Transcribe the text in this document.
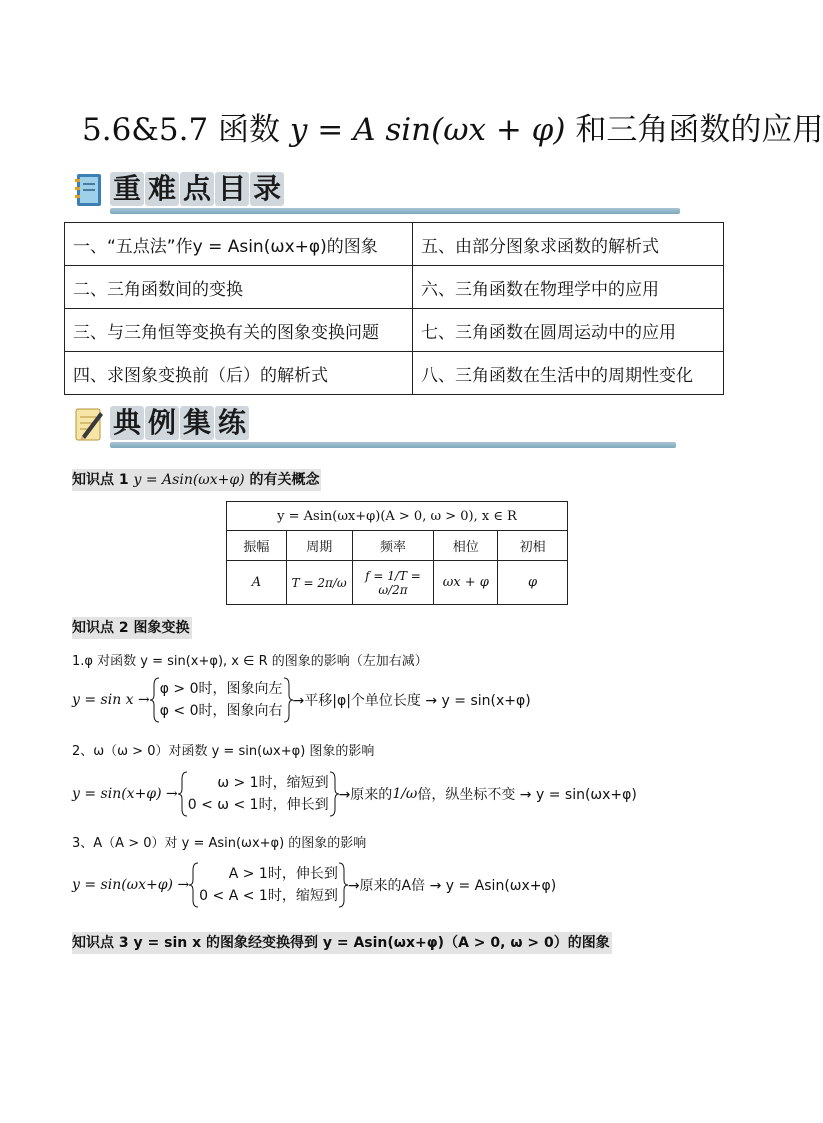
5.6&5.7 函数 y = A sin(ωx + φ) 和三角函数的应用
重 难 点 目 录
一、“五点法”作y = Asin(ωx+φ)的图象	五、由部分图象求函数的解析式
二、三角函数间的变换	六、三角函数在物理学中的应用
三、与三角恒等变换有关的图象变换问题	七、三角函数在圆周运动中的应用
四、求图象变换前（后）的解析式	八、三角函数在生活中的周期性变化
典 例 集 练
知识点 1 y = Asin(ωx+φ) 的有关概念
y = Asin(ωx+φ)(A > 0, ω > 0), x ∈ R				
振幅	周期	频率	相位	初相
A	T = 2π/ω	f = 1/T = ω/2π	ωx + φ	φ
知识点 2 图象变换
1.φ 对函数 y = sin(x+φ), x ∈ R 的图象的影响（左加右减）
y = sin x →
φ > 0时，图象向左
φ < 0时，图象向右
→平移|φ|个单位长度 → y = sin(x+φ)
2、ω（ω > 0）对函数 y = sin(ωx+φ) 图象的影响
y = sin(x+φ) →
ω > 1时，缩短到
0 < ω < 1时，伸长到
→原来的 1/ω 倍，纵坐标不变 → y = sin(ωx+φ)
3、A（A > 0）对 y = Asin(ωx+φ) 的图象的影响
y = sin(ωx+φ) →
A > 1时，伸长到
0 < A < 1时，缩短到
→原来的A倍 → y = Asin(ωx+φ)
知识点 3 y = sin x 的图象经变换得到 y = Asin(ωx+φ)（A > 0, ω > 0）的图象
